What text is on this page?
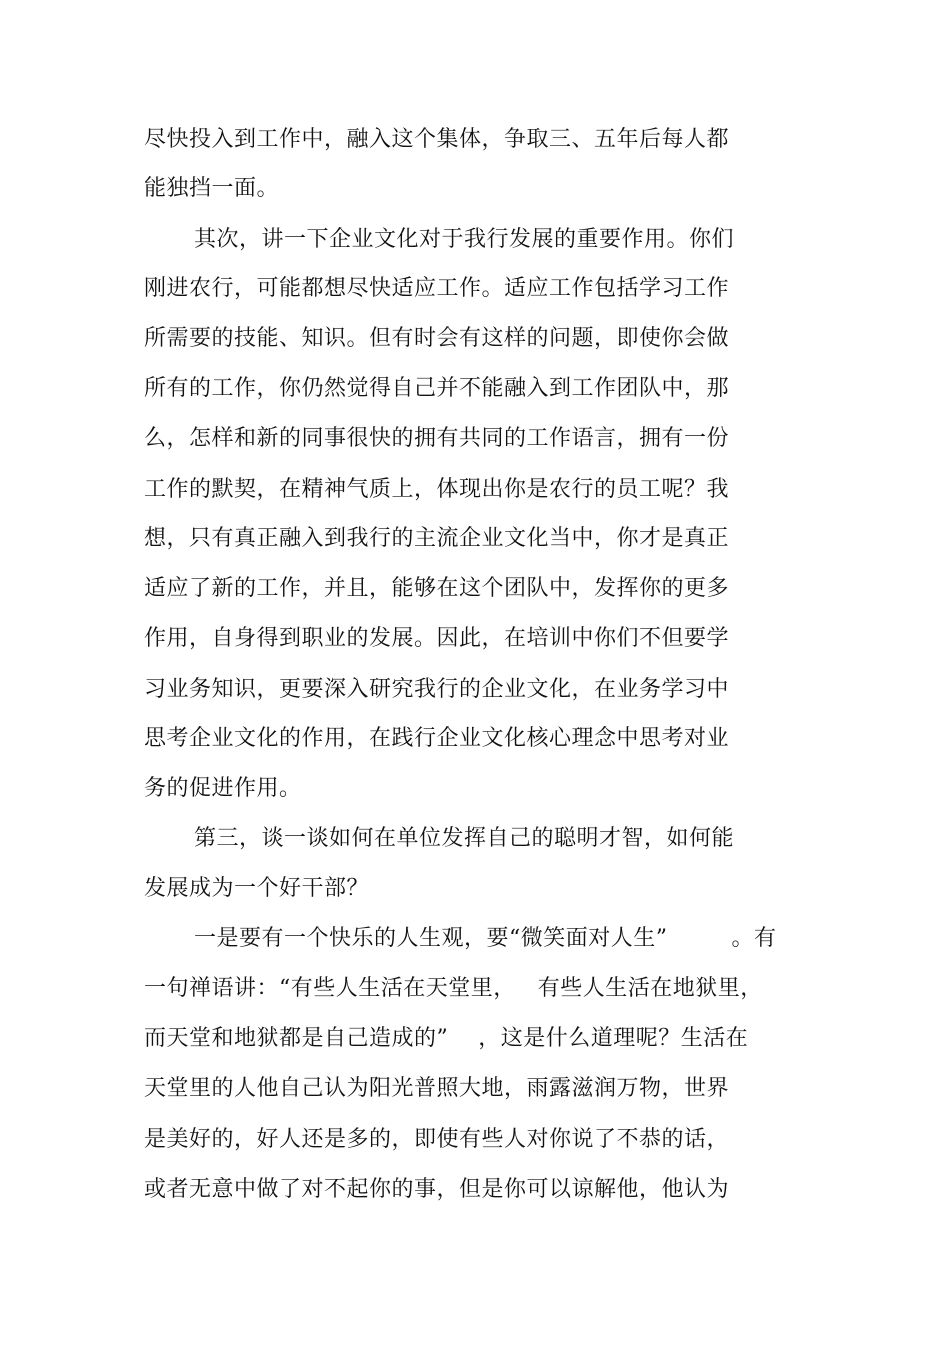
尽快投入到工作中，融入这个集体，争取三、五年后每人都
能独挡一面。
其次，讲一下企业文化对于我行发展的重要作用。你们
刚进农行，可能都想尽快适应工作。适应工作包括学习工作
所需要的技能、知识。但有时会有这样的问题，即使你会做
所有的工作，你仍然觉得自己并不能融入到工作团队中，那
么，怎样和新的同事很快的拥有共同的工作语言，拥有一份
工作的默契，在精神气质上，体现出你是农行的员工呢？我
想，只有真正融入到我行的主流企业文化当中，你才是真正
适应了新的工作，并且，能够在这个团队中，发挥你的更多
作用，自身得到职业的发展。因此，在培训中你们不但要学
习业务知识，更要深入研究我行的企业文化，在业务学习中
思考企业文化的作用，在践行企业文化核心理念中思考对业
务的促进作用。
第三，谈一谈如何在单位发挥自己的聪明才智，如何能
发展成为一个好干部？
一是要有一个快乐的人生观，要“微笑面对人生”	。有
一句禅语讲：“有些人生活在天堂里， 有些人生活在地狱里，
而天堂和地狱都是自己造成的” ，这是什么道理呢？生活在
天堂里的人他自己认为阳光普照大地，雨露滋润万物，世界
是美好的，好人还是多的，即使有些人对你说了不恭的话，
或者无意中做了对不起你的事，但是你可以谅解他，他认为
